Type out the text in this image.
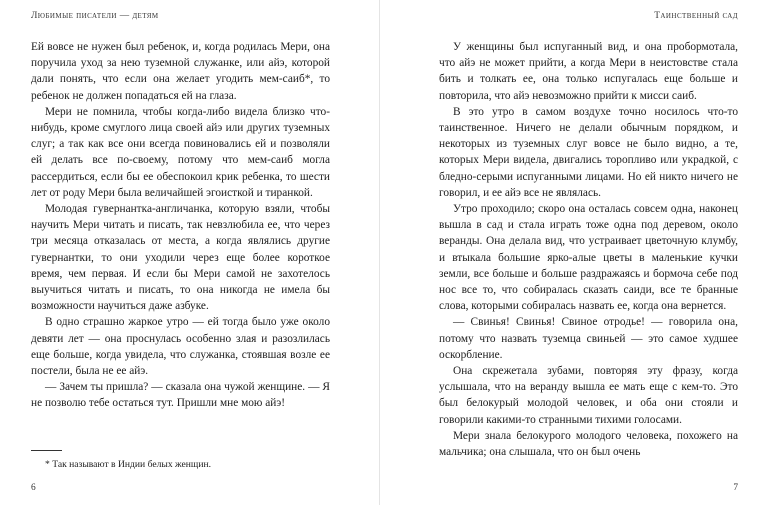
Любимые писатели — детям

Ей вовсе не нужен был ребенок, и, когда родилась Мери, она поручила уход за нею туземной служанке, или айэ, которой дали понять, что если она желает угодить мем-саиб*, то ребенок не должен попадаться ей на глаза.

Мери не помнила, чтобы когда-либо видела близко что-нибудь, кроме смуглого лица своей айэ или других туземных слуг; а так как все они всегда повиновались ей и позволяли ей делать все по-своему, потому что мем-саиб могла рассердиться, если бы ее обеспокоил крик ребенка, то шести лет от роду Мери была величайшей эгоисткой и тиранкой.

Молодая гувернантка-англичанка, которую взяли, чтобы научить Мери читать и писать, так невзлюбила ее, что через три месяца отказалась от места, а когда являлись другие гувернантки, то они уходили через еще более короткое время, чем первая. И если бы Мери самой не захотелось выучиться читать и писать, то она никогда не имела бы возможности научиться даже азбуке.

В одно страшно жаркое утро — ей тогда было уже около девяти лет — она проснулась особенно злая и разозлилась еще больше, когда увидела, что служанка, стоявшая возле ее постели, была не ее айэ.

— Зачем ты пришла? — сказала она чужой женщине. — Я не позволю тебе остаться тут. Пришли мне мою айэ!

* Так называют в Индии белых женщин.
6
Таинственный сад

У женщины был испуганный вид, и она пробормотала, что айэ не может прийти, а когда Мери в неистовстве стала бить и толкать ее, она только испугалась еще больше и повторила, что айэ невозможно прийти к мисси саиб.

В это утро в самом воздухе точно носилось что-то таинственное. Ничего не делали обычным порядком, и некоторых из туземных слуг вовсе не было видно, а те, которых Мери видела, двигались торопливо или украдкой, с бледно-серыми испуганными лицами. Но ей никто ничего не говорил, и ее айэ все не являлась.

Утро проходило; скоро она осталась совсем одна, наконец вышла в сад и стала играть тоже одна под деревом, около веранды. Она делала вид, что устраивает цветочную клумбу, и втыкала большие ярко-алые цветы в маленькие кучки земли, все больше и больше раздражаясь и бормоча себе под нос все то, что собиралась сказать саиди, все те бранные слова, которыми собиралась назвать ее, когда она вернется.

— Свинья! Свинья! Свиное отродье! — говорила она, потому что назвать туземца свиньей — это самое худшее оскорбление.

Она скрежетала зубами, повторяя эту фразу, когда услышала, что на веранду вышла ее мать еще с кем-то. Это был белокурый молодой человек, и оба они стояли и говорили какими-то странными тихими голосами.

Мери знала белокурого молодого человека, похожего на мальчика; она слышала, что он был очень

7
